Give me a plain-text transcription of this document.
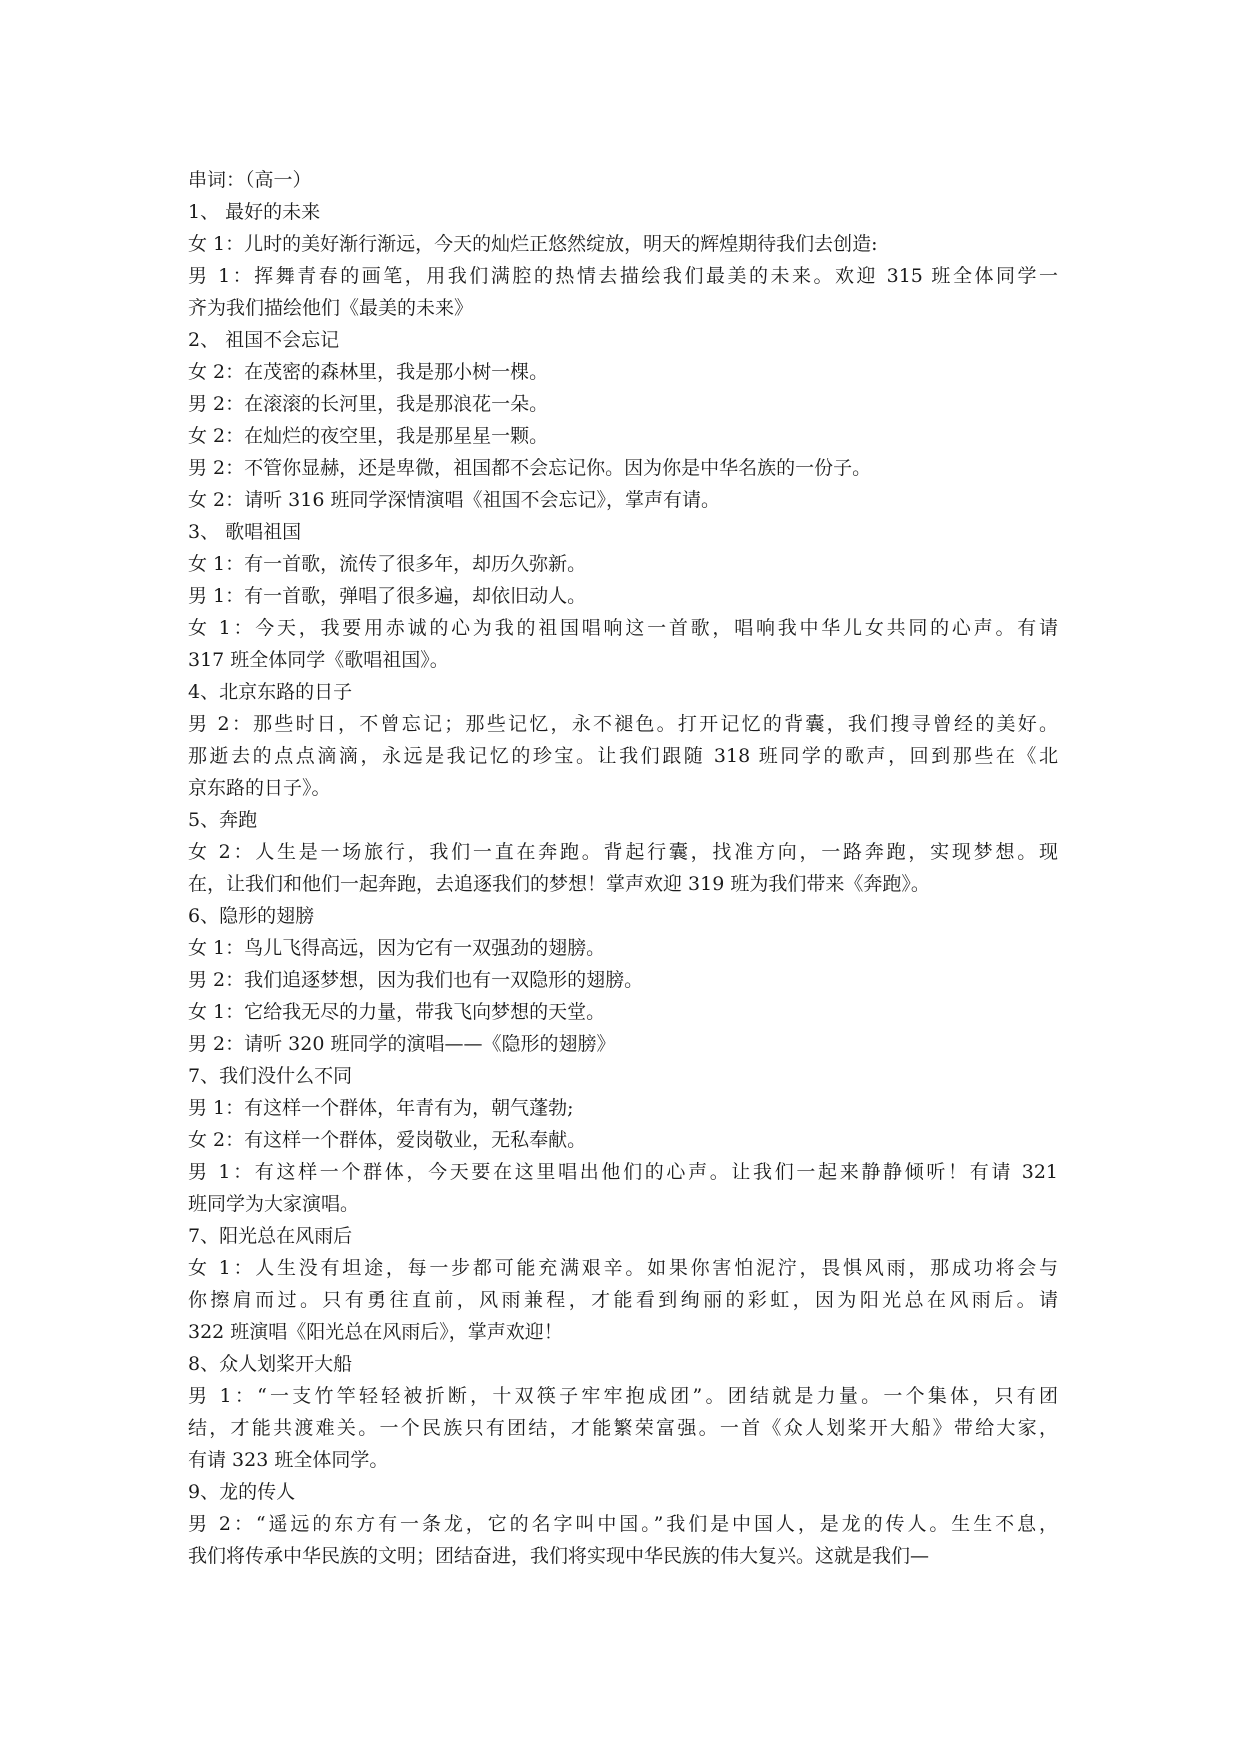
串词：（高一）
1、 最好的未来
女 1：儿时的美好渐行渐远，今天的灿烂正悠然绽放，明天的辉煌期待我们去创造:
男 1：挥舞青春的画笔，用我们满腔的热情去描绘我们最美的未来。欢迎 315 班全体同学一
齐为我们描绘他们《最美的未来》
2、 祖国不会忘记
女 2：在茂密的森林里，我是那小树一棵。
男 2：在滚滚的长河里，我是那浪花一朵。
女 2：在灿烂的夜空里，我是那星星一颗。
男 2：不管你显赫，还是卑微，祖国都不会忘记你。因为你是中华名族的一份子。
女 2：请听 316 班同学深情演唱《祖国不会忘记》，掌声有请。
3、 歌唱祖国
女 1：有一首歌，流传了很多年，却历久弥新。
男 1：有一首歌，弹唱了很多遍，却依旧动人。
女 1：今天，我要用赤诚的心为我的祖国唱响这一首歌，唱响我中华儿女共同的心声。有请
317 班全体同学《歌唱祖国》。
4、北京东路的日子
男 2：那些时日，不曾忘记；那些记忆，永不褪色。打开记忆的背囊，我们搜寻曾经的美好。
那逝去的点点滴滴，永远是我记忆的珍宝。让我们跟随 318 班同学的歌声，回到那些在《北
京东路的日子》。
5、奔跑
女 2：人生是一场旅行，我们一直在奔跑。背起行囊，找准方向，一路奔跑，实现梦想。现
在，让我们和他们一起奔跑，去追逐我们的梦想！掌声欢迎 319 班为我们带来《奔跑》。
6、隐形的翅膀
女 1：鸟儿飞得高远，因为它有一双强劲的翅膀。
男 2：我们追逐梦想，因为我们也有一双隐形的翅膀。
女 1：它给我无尽的力量，带我飞向梦想的天堂。
男 2：请听 320 班同学的演唱——《隐形的翅膀》
7、我们没什么不同
男 1：有这样一个群体，年青有为，朝气蓬勃;
女 2：有这样一个群体，爱岗敬业，无私奉献。
男 1：有这样一个群体，今天要在这里唱出他们的心声。让我们一起来静静倾听！有请 321
班同学为大家演唱。
7、阳光总在风雨后
女 1：人生没有坦途，每一步都可能充满艰辛。如果你害怕泥泞，畏惧风雨，那成功将会与
你擦肩而过。只有勇往直前，风雨兼程，才能看到绚丽的彩虹，因为阳光总在风雨后。请
322 班演唱《阳光总在风雨后》，掌声欢迎！
8、众人划桨开大船
男 1：“一支竹竿轻轻被折断，十双筷子牢牢抱成团”。团结就是力量。一个集体，只有团
结，才能共渡难关。一个民族只有团结，才能繁荣富强。一首《众人划桨开大船》带给大家，
有请 323 班全体同学。
9、龙的传人
男 2：“遥远的东方有一条龙，它的名字叫中国。”我们是中国人，是龙的传人。生生不息，
我们将传承中华民族的文明；团结奋进，我们将实现中华民族的伟大复兴。这就是我们—
